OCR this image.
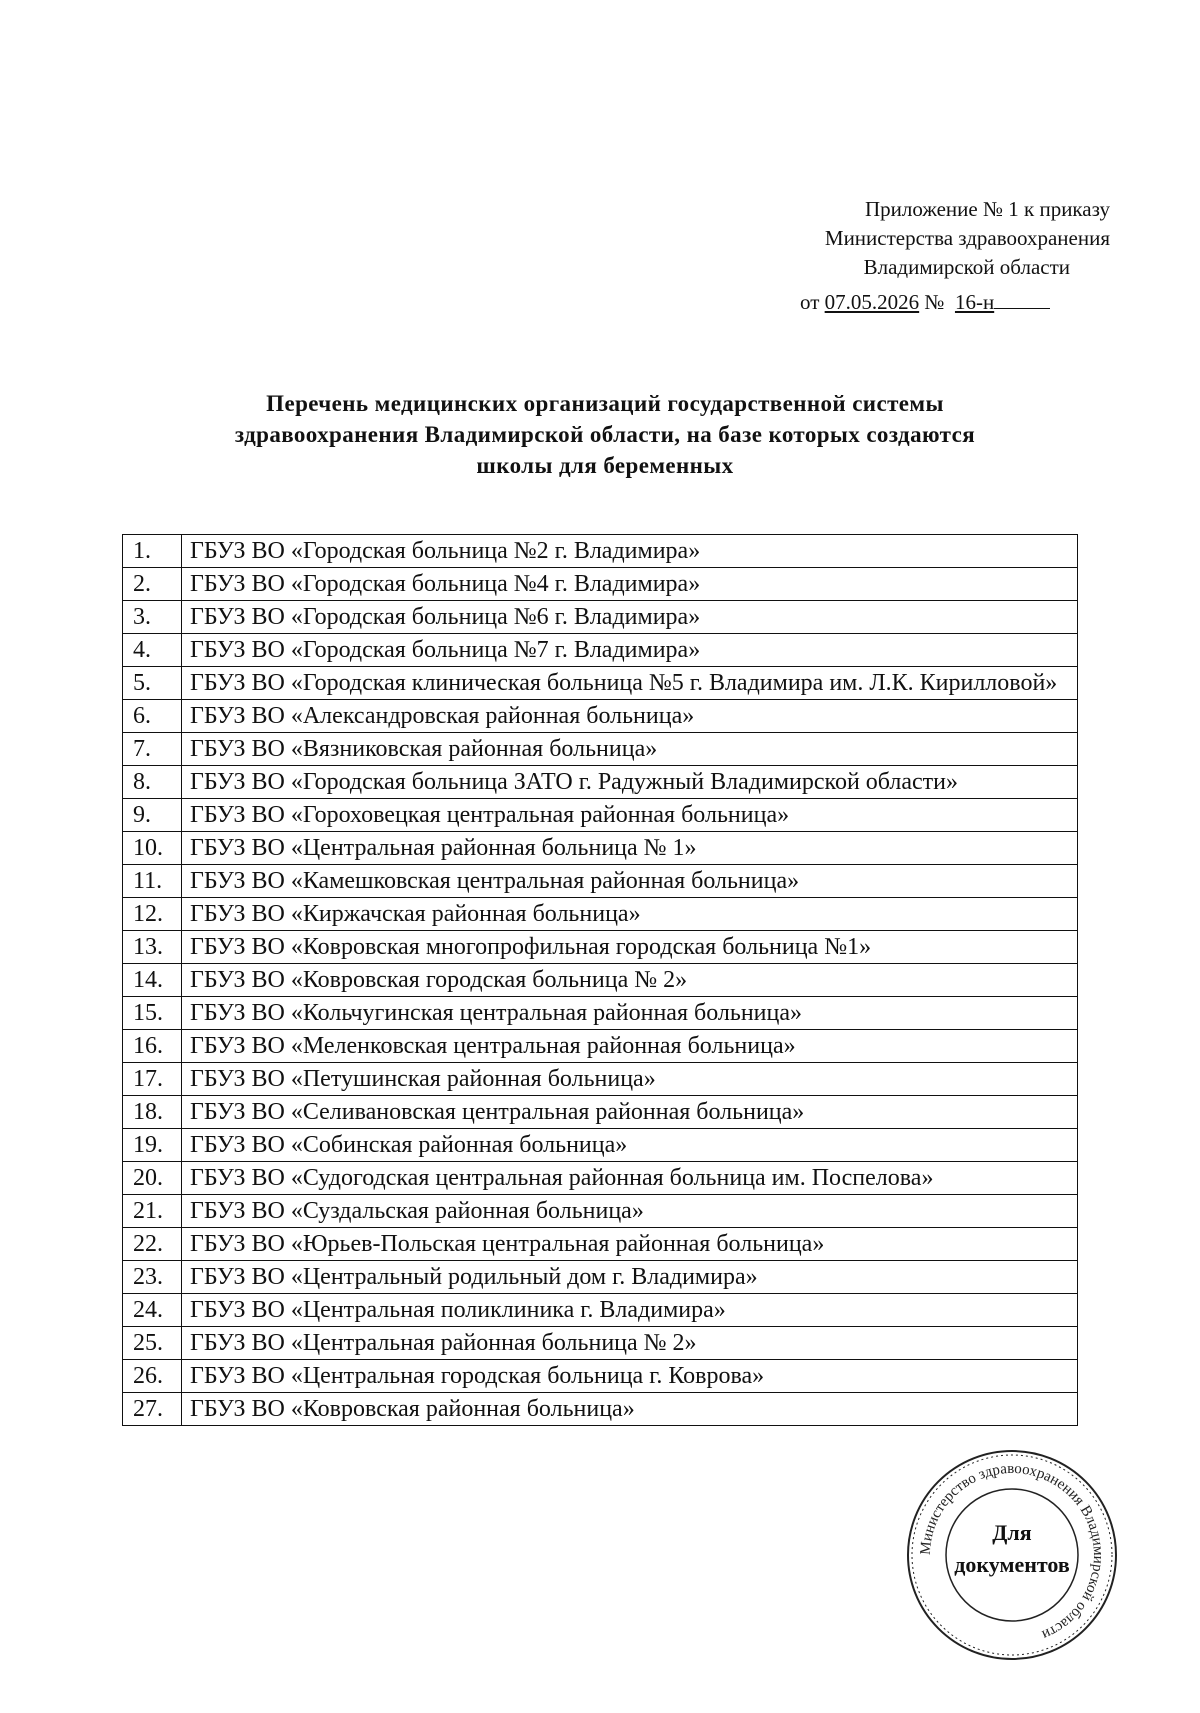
Приложение № 1 к приказу
Министерства здравоохранения
Владимирской области
от 07.05.2026 № 16-н
Перечень медицинских организаций государственной системы
здравоохранения Владимирской области, на базе которых создаются
школы для беременных
1.	ГБУЗ ВО «Городская больница №2 г. Владимира»
2.	ГБУЗ ВО «Городская больница №4 г. Владимира»
3.	ГБУЗ ВО «Городская больница №6 г. Владимира»
4.	ГБУЗ ВО «Городская больница №7 г. Владимира»
5.	ГБУЗ ВО «Городская клиническая больница №5 г. Владимира им. Л.К. Кирилловой»
6.	ГБУЗ ВО «Александровская районная больница»
7.	ГБУЗ ВО «Вязниковская районная больница»
8.	ГБУЗ ВО «Городская больница ЗАТО г. Радужный Владимирской области»
9.	ГБУЗ ВО «Гороховецкая центральная районная больница»
10.	ГБУЗ ВО «Центральная районная больница № 1»
11.	ГБУЗ ВО «Камешковская центральная районная больница»
12.	ГБУЗ ВО «Киржачская районная больница»
13.	ГБУЗ ВО «Ковровская многопрофильная городская больница №1»
14.	ГБУЗ ВО «Ковровская городская больница № 2»
15.	ГБУЗ ВО «Кольчугинская центральная районная больница»
16.	ГБУЗ ВО «Меленковская центральная районная больница»
17.	ГБУЗ ВО «Петушинская районная больница»
18.	ГБУЗ ВО «Селивановская центральная районная больница»
19.	ГБУЗ ВО «Собинская районная больница»
20.	ГБУЗ ВО «Судогодская центральная районная больница им. Поспелова»
21.	ГБУЗ ВО «Суздальская районная больница»
22.	ГБУЗ ВО «Юрьев-Польская центральная районная больница»
23.	ГБУЗ ВО «Центральный родильный дом г. Владимира»
24.	ГБУЗ ВО «Центральная поликлиника г. Владимира»
25.	ГБУЗ ВО «Центральная районная больница № 2»
26.	ГБУЗ ВО «Центральная городская больница г. Коврова»
27.	ГБУЗ ВО «Ковровская районная больница»
Министерство здравоохранения Владимирской области
Для
документов
